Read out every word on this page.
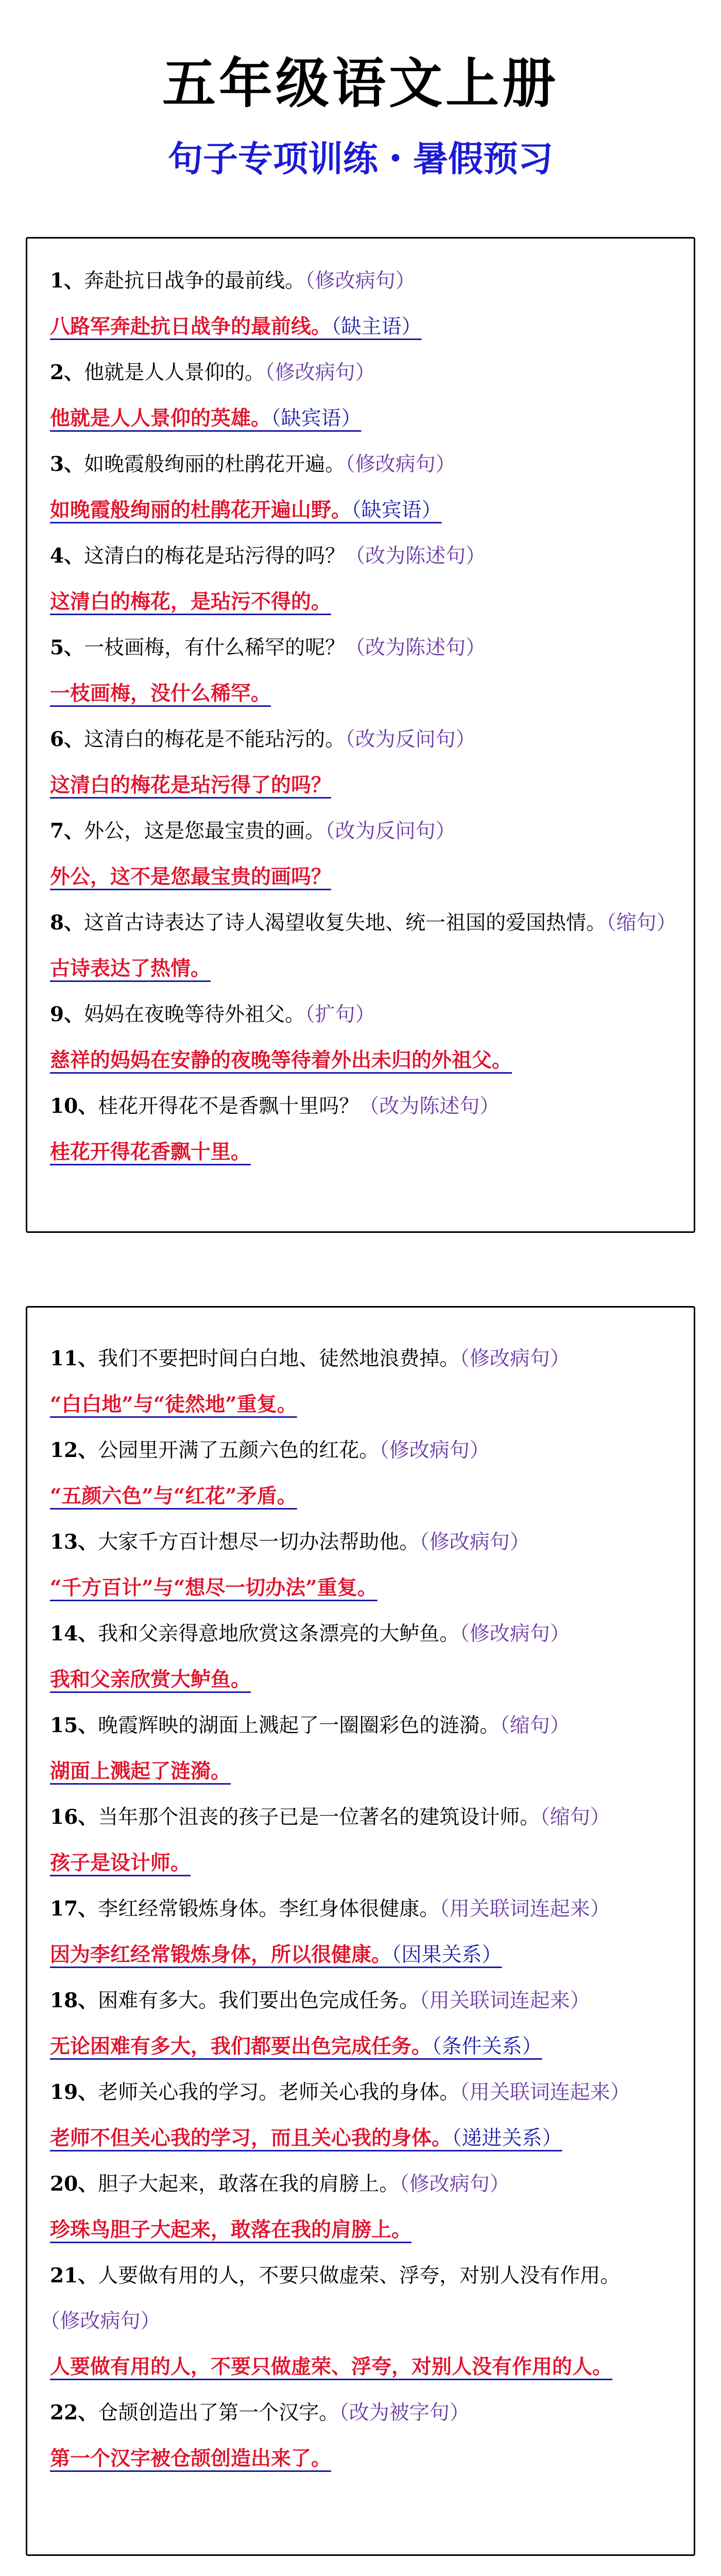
五年级语文上册
句子专项训练・暑假预习
1、奔赴抗日战争的最前线。（修改病句）
八路军奔赴抗日战争的最前线。（缺主语）
2、他就是人人景仰的。（修改病句）
他就是人人景仰的英雄。（缺宾语）
3、如晚霞般绚丽的杜鹃花开遍。（修改病句）
如晚霞般绚丽的杜鹃花开遍山野。（缺宾语）
4、这清白的梅花是玷污得的吗？（改为陈述句）
这清白的梅花，是玷污不得的。
5、一枝画梅，有什么稀罕的呢？（改为陈述句）
一枝画梅，没什么稀罕。
6、这清白的梅花是不能玷污的。（改为反问句）
这清白的梅花是玷污得了的吗？
7、外公，这是您最宝贵的画。（改为反问句）
外公，这不是您最宝贵的画吗？
8、这首古诗表达了诗人渴望收复失地、统一祖国的爱国热情。（缩句）
古诗表达了热情。
9、妈妈在夜晚等待外祖父。（扩句）
慈祥的妈妈在安静的夜晚等待着外出未归的外祖父。
10、桂花开得花不是香飘十里吗？（改为陈述句）
桂花开得花香飘十里。
11、我们不要把时间白白地、徒然地浪费掉。（修改病句）
“白白地”与“徒然地”重复。
12、公园里开满了五颜六色的红花。（修改病句）
“五颜六色”与“红花”矛盾。
13、大家千方百计想尽一切办法帮助他。（修改病句）
“千方百计”与“想尽一切办法”重复。
14、我和父亲得意地欣赏这条漂亮的大鲈鱼。（修改病句）
我和父亲欣赏大鲈鱼。
15、晚霞辉映的湖面上溅起了一圈圈彩色的涟漪。（缩句）
湖面上溅起了涟漪。
16、当年那个沮丧的孩子已是一位著名的建筑设计师。（缩句）
孩子是设计师。
17、李红经常锻炼身体。李红身体很健康。（用关联词连起来）
因为李红经常锻炼身体，所以很健康。（因果关系）
18、困难有多大。我们要出色完成任务。（用关联词连起来）
无论困难有多大，我们都要出色完成任务。（条件关系）
19、老师关心我的学习。老师关心我的身体。（用关联词连起来）
老师不但关心我的学习，而且关心我的身体。（递进关系）
20、胆子大起来，敢落在我的肩膀上。（修改病句）
珍珠鸟胆子大起来，敢落在我的肩膀上。
21、人要做有用的人，不要只做虚荣、浮夸，对别人没有作用。（修改病句）
人要做有用的人，不要只做虚荣、浮夸，对别人没有作用的人。
22、仓颉创造出了第一个汉字。（改为被字句）
第一个汉字被仓颉创造出来了。
